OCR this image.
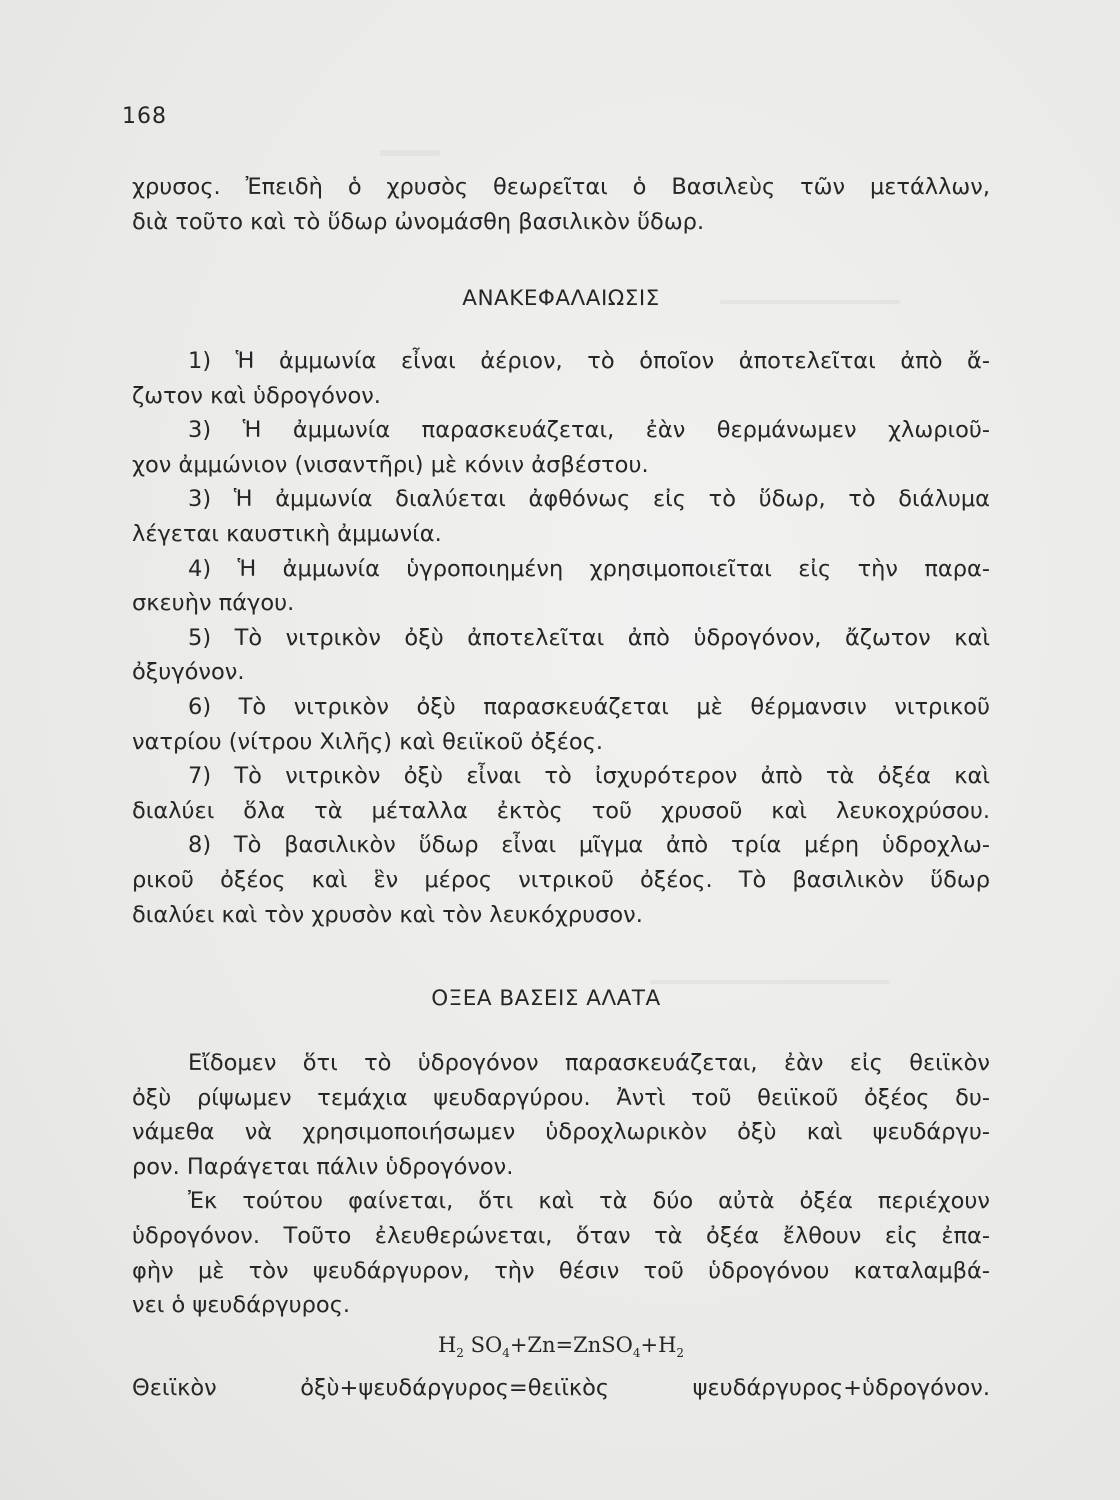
168
χρυσος. Ἐπειδὴ ὁ χρυσὸς θεωρεῖται ὁ Βασιλεὺς τῶν μετάλλων,
διὰ τοῦτο καὶ τὸ ὕδωρ ὠνομάσθη βασιλικὸν ὕδωρ.
ΑΝΑΚΕΦΑΛΑΙΩΣΙΣ
1) Ἡ ἀμμωνία εἶναι ἀέριον, τὸ ὁποῖον ἀποτελεῖται ἀπὸ ἄ-
ζωτον καὶ ὑδρογόνον.
3) Ἡ ἀμμωνία παρασκευάζεται, ἐὰν θερμάνωμεν χλωριοῦ-
χον ἀμμώνιον (νισαντῆρι) μὲ κόνιν ἀσβέστου.
3) Ἡ ἀμμωνία διαλύεται ἀφθόνως εἰς τὸ ὕδωρ, τὸ διάλυμα
λέγεται καυστικὴ ἀμμωνία.
4) Ἡ ἀμμωνία ὑγροποιημένη χρησιμοποιεῖται εἰς τὴν παρα-
σκευὴν πάγου.
5) Τὸ νιτρικὸν ὀξὺ ἀποτελεῖται ἀπὸ ὑδρογόνον, ἄζωτον καὶ
ὀξυγόνον.
6) Τὸ νιτρικὸν ὀξὺ παρασκευάζεται μὲ θέρμανσιν νιτρικοῦ
νατρίου (νίτρου Χιλῆς) καὶ θειϊκοῦ ὀξέος.
7) Τὸ νιτρικὸν ὀξὺ εἶναι τὸ ἰσχυρότερον ἀπὸ τὰ ὀξέα καὶ
διαλύει ὅλα τὰ μέταλλα ἐκτὸς τοῦ χρυσοῦ καὶ λευκοχρύσου.
8) Τὸ βασιλικὸν ὕδωρ εἶναι μῖγμα ἀπὸ τρία μέρη ὑδροχλω-
ρικοῦ ὀξέος καὶ ἓν μέρος νιτρικοῦ ὀξέος. Τὸ βασιλικὸν ὕδωρ
διαλύει καὶ τὸν χρυσὸν καὶ τὸν λευκόχρυσον.
ΟΞΕΑ ΒΑΣΕΙΣ ΑΛΑΤΑ
Εἴδομεν ὅτι τὸ ὑδρογόνον παρασκευάζεται, ἐὰν εἰς θειϊκὸν
ὀξὺ ρίψωμεν τεμάχια ψευδαργύρου. Ἀντὶ τοῦ θειϊκοῦ ὀξέος δυ-
νάμεθα νὰ χρησιμοποιήσωμεν ὑδροχλωρικὸν ὀξὺ καὶ ψευδάργυ-
ρον. Παράγεται πάλιν ὑδρογόνον.
Ἐκ τούτου φαίνεται, ὅτι καὶ τὰ δύο αὐτὰ ὀξέα περιέχουν
ὑδρογόνον. Τοῦτο ἐλευθερώνεται, ὅταν τὰ ὀξέα ἔλθουν εἰς ἐπα-
φὴν μὲ τὸν ψευδάργυρον, τὴν θέσιν τοῦ ὑδρογόνου καταλαμβά-
νει ὁ ψευδάργυρος.
$H_2$ $SO_4+Zn=ZnSO_4+H_2$
Θειϊκὸν ὀξὺ+ψευδάργυρος=θειϊκὸς ψευδάργυρος+ὑδρογόνον.
